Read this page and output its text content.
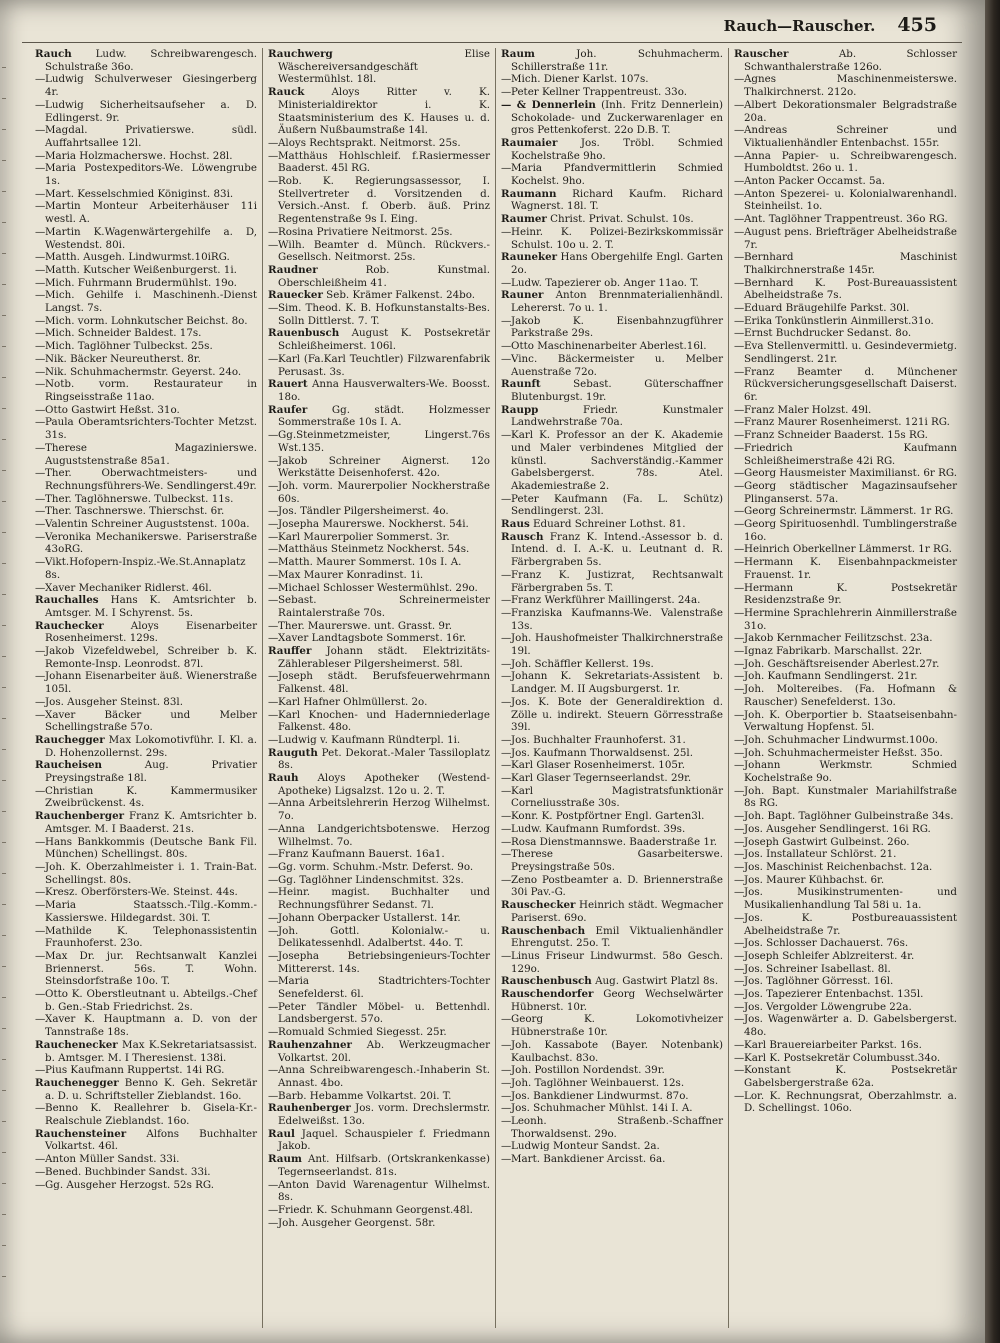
Rauch—Rauscher. 455

Rauch Ludw. Schreibwarengesch. Schulstraße 36o.

—Ludwig Schulverweser Giesingerberg 4r.

—Ludwig Sicherheitsaufseher a. D. Edlingerst. 9r.

—Magdal. Privatierswe. südl. Auffahrtsallee 12l.

—Maria Holzmacherswe. Hochst. 28l.

—Maria Postexpeditors-We. Löwengrube 1s.

—Mart. Kesselschmied Königinst. 83i.

—Martin Monteur Arbeiterhäuser 11i westl. A.

—Martin K.Wagenwärtergehilfe a. D, Westendst. 80i.

—Matth. Ausgeh. Lindwurmst.10iRG.

—Matth. Kutscher Weißenburgerst. 1i.

—Mich. Fuhrmann Brudermühlst. 19o.

—Mich. Gehilfe i. Maschinenh.-Dienst Langst. 7s.

—Mich. vorm. Lohnkutscher Beichst. 8o.

—Mich. Schneider Baldest. 17s.

—Mich. Taglöhner Tulbeckst. 25s.

—Nik. Bäcker Neureutherst. 8r.

—Nik. Schuhmachermstr. Geyerst. 24o.

—Notb. vorm. Restaurateur in Ringseisstraße 11ao.

—Otto Gastwirt Heßst. 31o.

—Paula Oberamtsrichters-Tochter Metzst. 31s.

—Therese Magazinierswe. Auguststenstraße 85a1.

—Ther. Oberwachtmeisters- und Rechnungsführers-We. Sendlingerst.49r.

—Ther. Taglöhnerswe. Tulbeckst. 11s.

—Ther. Taschnerswe. Thierschst. 6r.

—Valentin Schreiner Auguststenst. 100a.

—Veronika Mechanikerswe. Pariserstraße 43oRG.

—Vikt.Hofopern-Inspiz.-We.St.Annaplatz 8s.

—Xaver Mechaniker Ridlerst. 46l.

Rauchalles Hans K. Amtsrichter b. Amtsger. M. I Schyrenst. 5s.

Rauchecker	Aloys Eisenarbeiter Rosenheimerst. 129s.

—Jakob Vizefeldwebel, Schreiber b. K. Remonte-Insp. Leonrodst. 87l.

—Johann Eisenarbeiter äuß. Wienerstraße 105l.

—Jos. Ausgeher Steinst. 83l.

—Xaver Bäcker und Melber Schellingstraße 57o.

Rauchegger Max Lokomotivführ. I. Kl. a. D. Hohenzollernst. 29s.

Raucheisen	Aug. Privatier Preysingstraße 18l.

—Christian K. Kammermusiker Zweibrückenst. 4s.

Rauchenberger Franz K. Amtsrichter b. Amtsger. M. I Baaderst. 21s.

—Hans Bankkommis (Deutsche Bank Fil. München) Schellingst. 80s.

—Joh. K. Oberzahlmeister i. 1. Train-Bat. Schellingst. 80s.

—Kresz. Oberförsters-We. Steinst. 44s.

—Maria Staatssch.-Tilg.-Komm.-Kassierswe. Hildegardst. 30i. T.

—Mathilde K. Telephonassistentin Fraunhoferst. 23o.

—Max Dr. jur. Rechtsanwalt Kanzlei Briennerst. 56s. T. Wohn. Steinsdorfstraße 10o. T.

—Otto K. Oberstleutnant u. Abteilgs.-Chef b. Gen.-Stab Friedrichst. 2s.

—Xaver K. Hauptmann a. D. von der Tannstraße 18s.

Rauchenecker Max K.Sekretariatsassist. b. Amtsger. M. I Theresienst. 138i.

—Pius Kaufmann Ruppertst. 14i RG.

Rauchenegger Benno K. Geh. Sekretär a. D. u. Schriftsteller Zieblandst. 16o.

—Benno K. Reallehrer b. Gisela-Kr.-Realschule Zieblandst. 16o.

Rauchensteiner Alfons Buchhalter Volkartst. 46l.

—Anton Müller Sandst. 33i.

—Bened. Buchbinder Sandst. 33i.

—Gg. Ausgeher Herzogst. 52s RG.

Rauchwerg	Elise Wäschereiversandgeschäft Westermühlst. 18l.

Rauck	Aloys Ritter v. K. Ministerialdirektor i. K. Staatsministerium des K. Hauses u. d. Äußern Nußbaumstraße 14l.

—Aloys Rechtsprakt. Neitmorst. 25s.

—Matthäus Hohlschleif. f.Rasiermesser Baaderst. 45l RG.

—Rob. K. Regierungsassessor, I. Stellvertreter d. Vorsitzenden d. Versich.-Anst. f. Oberb. äuß. Prinz Regentenstraße 9s I. Eing.

—Rosina Privatiere Neitmorst. 25s.

—Wilh. Beamter d. Münch. Rückvers.-Gesellsch. Neitmorst. 25s.

Raudner	Rob. Kunstmal. Oberschleißheim 41.

Rauecker Seb. Krämer Falkenst. 24bo.

—Sim. Theod. K. B. Hofkunstanstalts-Bes. Solln Dittlerst. 7. T.

Rauenbusch August K. Postsekretär Schleißheimerst. 106l.

—Karl (Fa.Karl Teuchtler) Filzwarenfabrik Perusast. 3s.

Rauert Anna Hausverwalters-We. Boosst. 18o.

Raufer Gg. städt. Holzmesser Sommerstraße 10s I. A.

—Gg.Steinmetzmeister, Lingerst.76s Wst.135.

—Jakob Schreiner Aignerst. 12o Werkstätte Deisenhoferst. 42o.

—Joh. vorm. Maurerpolier Nockherstraße 60s.

—Jos. Tändler Pilgersheimerst. 4o.

—Josepha Maurerswe. Nockherst. 54i.

—Karl Maurerpolier Sommerst. 3r.

—Matthäus Steinmetz Nockherst. 54s.

—Matth. Maurer Sommerst. 10s I. A.

—Max Maurer Konradinst. 1i.

—Michael Schlosser Westermühlst. 29o.

—Sebast. Schreinermeister Raintalerstraße 70s.

—Ther. Maurerswe. unt. Grasst. 9r.

—Xaver Landtagsbote Sommerst. 16r.

Rauffer Johann städt. Elektrizitäts-Zählerableser Pilgersheimerst. 58l.

—Joseph städt. Berufsfeuerwehrmann Falkenst. 48l.

—Karl Hafner Ohlmüllerst. 2o.

—Karl Knochen- und Hadernniederlage Falkenst. 48o.

—Ludwig v. Kaufmann Ründterpl. 1i.

Rauguth Pet. Dekorat.-Maler Tassiloplatz 8s.

Rauh Aloys Apotheker (Westend-Apotheke) Ligsalzst. 12o u. 2. T.

—Anna Arbeitslehrerin Herzog Wilhelmst. 7o.

—Anna Landgerichtsbotenswe. Herzog Wilhelmst. 7o.

—Franz Kaufmann Bauerst. 16a1.

—Gg. vorm. Schuhm.-Mstr. Deferst. 9o.

—Gg. Taglöhner Lindenschmitst. 32s.

—Heinr. magist. Buchhalter und Rechnungsführer Sedanst. 7l.

—Johann Oberpacker Ustallerst. 14r.

—Joh. Gottl. Kolonialw.- u. Delikatessenhdl. Adalbertst. 44o. T.

—Josepha Betriebsingenieurs-Tochter Mittererst. 14s.

—Maria Stadtrichters-Tochter Senefelderst. 6l.

—Peter Tändler Möbel- u. Bettenhdl. Landsbergerst. 57o.

—Romuald Schmied Siegesst. 25r.

Rauhenzahner Ab. Werkzeugmacher Volkartst. 20l.

—Anna Schreibwarengesch.-Inhaberin St. Annast. 4bo.

—Barb. Hebamme Volkartst. 20i. T.

Rauhenberger Jos. vorm. Drechslermstr. Edelweißst. 13o.

Raul Jaquel. Schauspieler f. Friedmann Jakob.

Raum Ant. Hilfsarb. (Ortskrankenkasse) Tegernseerlandst. 81s.

—Anton David Warenagentur Wilhelmst. 8s.

—Friedr. K. Schuhmann Georgenst.48l.

—Joh. Ausgeher Georgenst. 58r.

Raum	Joh. Schuhmacherm. Schillerstraße 11r.

—Mich. Diener Karlst. 107s.

—Peter Kellner Trappentreust. 33o.

— & Dennerlein (Inh. Fritz Dennerlein) Schokolade- und Zuckerwarenlager en gros Pettenkoferst. 22o D.B. T.

Raumaier Jos. Tröbl. Schmied Kochelstraße 9ho.

—Maria Pfandvermittlerin Schmied Kochelst. 9ho.

Raumann Richard Kaufm. Richard Wagnerst. 18l. T.

Raumer Christ. Privat. Schulst. 10s.

—Heinr. K. Polizei-Bezirkskommissär Schulst. 10o u. 2. T.

Rauneker Hans Obergehilfe Engl. Garten 2o.

—Ludw. Tapezierer ob. Anger 11ao. T.

Rauner Anton Brennmaterialienhändl. Lehererst. 7o u. 1.

—Jakob K. Eisenbahnzugführer Parkstraße 29s.

—Otto Maschinenarbeiter Aberlest.16l.

—Vinc. Bäckermeister u. Melber Auenstraße 72o.

Raunft	Sebast. Güterschaffner Blutenburgst. 19r.

Raupp	Friedr. Kunstmaler Landwehrstraße 70a.

—Karl K. Professor an der K. Akademie und Maler verbindenes Mitglied der künstl. Sachverständig.-Kammer Gabelsbergerst. 78s. Atel. Akademiestraße 2.

—Peter Kaufmann (Fa. L. Schütz) Sendlingerst. 23l.

Raus Eduard Schreiner Lothst. 81.

Rausch Franz K. Intend.-Assessor b. d. Intend. d. I. A.-K. u. Leutnant d. R. Färbergraben 5s.

—Franz K. Justizrat, Rechtsanwalt Färbergraben 5s. T.

—Franz Werkführer Maillingerst. 24a.

—Franziska Kaufmanns-We. Valenstraße 13s.

—Joh. Haushofmeister Thalkirchnerstraße 19l.

—Joh. Schäffler Kellerst. 19s.

—Johann K. Sekretariats-Assistent b. Landger. M. II Augsburgerst. 1r.

—Jos. K. Bote der Generaldirektion d. Zölle u. indirekt. Steuern Görresstraße 39l.

—Jos. Buchhalter Fraunhoferst. 31.

—Jos. Kaufmann Thorwaldsenst. 25l.

—Karl Glaser Rosenheimerst. 105r.

—Karl Glaser Tegernseerlandst. 29r.

—Karl Magistratsfunktionär Corneliusstraße 30s.

—Konr. K. Postpförtner Engl. Garten3l.

—Ludw. Kaufmann Rumfordst. 39s.

—Rosa Dienstmannswe. Baaderstraße 1r.

—Therese Gasarbeiterswe. Preysingstraße 50s.

—Zeno Postbeamter a. D. Briennerstraße 30i Pav.-G.

Rauschecker Heinrich städt. Wegmacher Pariserst. 69o.

Rauschenbach Emil Viktualienhändler Ehrengutst. 25o. T.

—Linus Friseur Lindwurmst. 58o Gesch. 129o.

Rauschenbusch Aug. Gastwirt Platzl 8s.

Rauschendorfer Georg Wechselwärter Hübnerst. 10r.

—Georg K. Lokomotivheizer Hübnerstraße 10r.

—Joh. Kassabote (Bayer. Notenbank) Kaulbachst. 83o.

—Joh. Postillon Nordendst. 39r.

—Joh. Taglöhner Weinbauerst. 12s.

—Jos. Bankdiener Lindwurmst. 87o.

—Jos. Schuhmacher Mühlst. 14i I. A.

—Leonh. Straßenb.-Schaffner Thorwaldsenst. 29o.

—Ludwig Monteur Sandst. 2a.

—Mart. Bankdiener Arcisst. 6a.

Rauscher	Ab. Schlosser Schwanthalerstraße 126o.

—Agnes Maschinenmeisterswe. Thalkirchnerst. 212o.

—Albert Dekorationsmaler Belgradstraße 20a.

—Andreas Schreiner und Viktualienhändler Entenbachst. 155r.

—Anna Papier- u. Schreibwarengesch. Humboldtst. 26o u. 1.

—Anton Packer Occamst. 5a.

—Anton Spezerei- u. Kolonialwarenhandl. Steinheilst. 1o.

—Ant. Taglöhner Trappentreust. 36o RG.

—August pens. Briefträger Abelheidstraße 7r.

—Bernhard Maschinist Thalkirchnerstraße 145r.

—Bernhard K. Post-Bureauassistent Abelheidstraße 7s.

—Eduard Bräugehilfe Parkst. 30l.

—Erika Tonkünstlerin Ainmillerst.31o.

—Ernst Buchdrucker Sedanst. 8o.

—Eva Stellenvermittl. u. Gesindevermietg. Sendlingerst. 21r.

—Franz Beamter d. Münchener Rückversicherungsgesellschaft Daiserst. 6r.

—Franz Maler Holzst. 49l.

—Franz Maurer Rosenheimerst. 121i RG.

—Franz Schneider Baaderst. 15s RG.

—Friedrich Kaufmann Schleißheimerstraße 42i RG.

—Georg Hausmeister Maximilianst. 6r RG.

—Georg städtischer Magazinsaufseher Plinganserst. 57a.

—Georg Schreinermstr. Lämmerst. 1r RG.

—Georg Spirituosenhdl. Tumblingerstraße 16o.

—Heinrich Oberkellner Lämmerst. 1r RG.

—Hermann K. Eisenbahnpackmeister Frauenst. 1r.

—Hermann K. Postsekretär Residenzstraße 9r.

—Hermine Sprachlehrerin Ainmillerstraße 31o.

—Jakob Kernmacher Feilitzschst. 23a.

—Ignaz Fabrikarb. Marschallst. 22r.

—Joh. Geschäftsreisender Aberlest.27r.

—Joh. Kaufmann Sendlingerst. 21r.

—Joh. Moltereibes. (Fa. Hofmann & Rauscher) Senefelderst. 13o.

—Joh. K. Oberportier b. Staatseisenbahn-Verwaltung Hopfenst. 5l.

—Joh. Schuhmacher Lindwurmst.100o.

—Joh. Schuhmachermeister Heßst. 35o.

—Johann Werkmstr. Schmied Kochelstraße 9o.

—Joh. Bapt. Kunstmaler Mariahilfstraße 8s RG.

—Joh. Bapt. Taglöhner Gulbeinstraße 34s.

—Jos. Ausgeher Sendlingerst. 16i RG.

—Joseph Gastwirt Gulbeinst. 26o.

—Jos. Installateur Schlörst. 21.

—Jos. Maschinist Reichenbachst. 12a.

—Jos. Maurer Kühbachst. 6r.

—Jos. Musikinstrumenten- und Musikalienhandlung Tal 58i u. 1a.

—Jos. K. Postbureauassistent Abelheidstraße 7r.

—Jos. Schlosser Dachauerst. 76s.

—Joseph Schleifer Ablzreiterst. 4r.

—Jos. Schreiner Isabellast. 8l.

—Jos. Taglöhner Görresst. 16l.

—Jos. Tapezierer Entenbachst. 135l.

—Jos. Vergolder Löwengrube 22a.

—Jos. Wagenwärter a. D. Gabelsbergerst. 48o.

—Karl Brauereiarbeiter Parkst. 16s.

—Karl K. Postsekretär Columbusst.34o.

—Konstant K. Postsekretär Gabelsbergerstraße 62a.

—Lor. K. Rechnungsrat, Oberzahlmstr. a. D. Schellingst. 106o.
